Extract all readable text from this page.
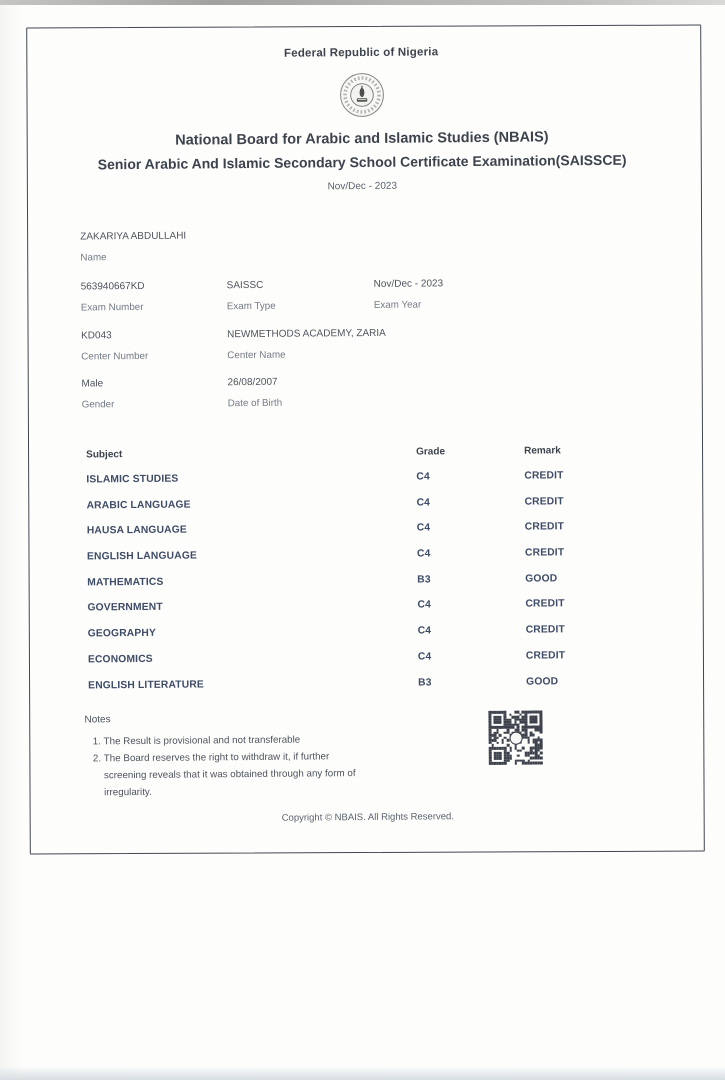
Federal Republic of Nigeria
National Board for Arabic and Islamic Studies (NBAIS)
Senior Arabic And Islamic Secondary School Certificate Examination(SAISSCE)
Nov/Dec - 2023
ZAKARIYA ABDULLAHI
Name
563940667KD
Exam Number
SAISSC
Exam Type
Nov/Dec - 2023
Exam Year
KD043
Center Number
NEWMETHODS ACADEMY, ZARIA
Center Name
Male
Gender
26/08/2007
Date of Birth
Subject	Grade	Remark
ISLAMIC STUDIES	C4	CREDIT
ARABIC LANGUAGE	C4	CREDIT
HAUSA LANGUAGE	C4	CREDIT
ENGLISH LANGUAGE	C4	CREDIT
MATHEMATICS	B3	GOOD
GOVERNMENT	C4	CREDIT
GEOGRAPHY	C4	CREDIT
ECONOMICS	C4	CREDIT
ENGLISH LITERATURE	B3	GOOD
Notes
1. The Result is provisional and not transferable
2. The Board reserves the right to withdraw it, if further screening reveals that it was obtained through any form of irregularity.
Copyright © NBAIS. All Rights Reserved.
